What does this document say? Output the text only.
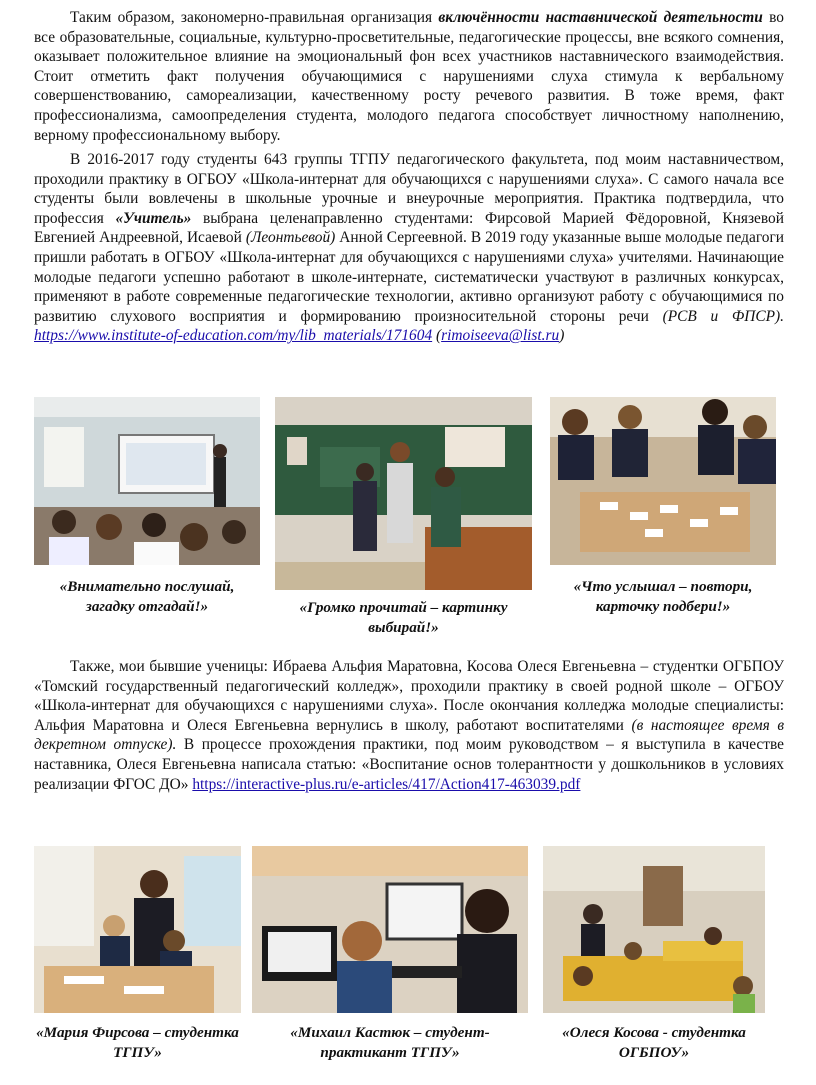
Таким образом, закономерно-правильная организация включённости наставнической деятельности во все образовательные, социальные, культурно-просветительные, педагогические процессы, вне всякого сомнения, оказывает положительное влияние на эмоциональный фон всех участников наставнического взаимодействия. Стоит отметить факт получения обучающимися с нарушениями слуха стимула к вербальному совершенствованию, самореализации, качественному росту речевого развития. В тоже время, факт профессионализма, самоопределения студента, молодого педагога способствует личностному наполнению, верному профессиональному выбору.

В 2016-2017 году студенты 643 группы ТГПУ педагогического факультета, под моим наставничеством, проходили практику в ОГБОУ «Школа-интернат для обучающихся с нарушениями слуха». С самого начала все студенты были вовлечены в школьные урочные и внеурочные мероприятия. Практика подтвердила, что профессия «Учитель» выбрана целенаправленно студентами: Фирсовой Марией Фёдоровной, Князевой Евгенией Андреевной, Исаевой (Леонтьевой) Анной Сергеевной. В 2019 году указанные выше молодые педагоги пришли работать в ОГБОУ «Школа-интернат для обучающихся с нарушениями слуха» учителями. Начинающие молодые педагоги успешно работают в школе-интернате, систематически участвуют в различных конкурсах, применяют в работе современные педагогические технологии, активно организуют работу с обучающимися по развитию слухового восприятия и формированию произносительной стороны речи (РСВ и ФПСР). https://www.institute-of-education.com/my/lib_materials/171604 (rimoiseeva@list.ru)

«Внимательно послушай, загадку отгадай!»	«Громко прочитай – картинку выбирай!»

«Что услышал – повтори, карточку подбери!»

Также, мои бывшие ученицы: Ибраева Альфия Маратовна, Косова Олеся Евгеньевна – студентки ОГБПОУ «Томский государственный педагогический колледж», проходили практику в своей родной школе – ОГБОУ «Школа-интернат для обучающихся с нарушениями слуха». После окончания колледжа молодые специалисты: Альфия Маратовна и Олеся Евгеньевна вернулись в школу, работают воспитателями (в настоящее время в декретном отпуске). В процессе прохождения практики, под моим руководством – я выступила в качестве наставника, Олеся Евгеньевна написала статью: «Воспитание основ толерантности у дошкольников в условиях реализации ФГОС ДО» https://interactive-plus.ru/e-articles/417/Action417-463039.pdf

«Мария Фирсова – студентка ТГПУ»

«Михаил Кастюк – студент-практикант ТГПУ»

«Олеся Косова - студентка ОГБПОУ»
